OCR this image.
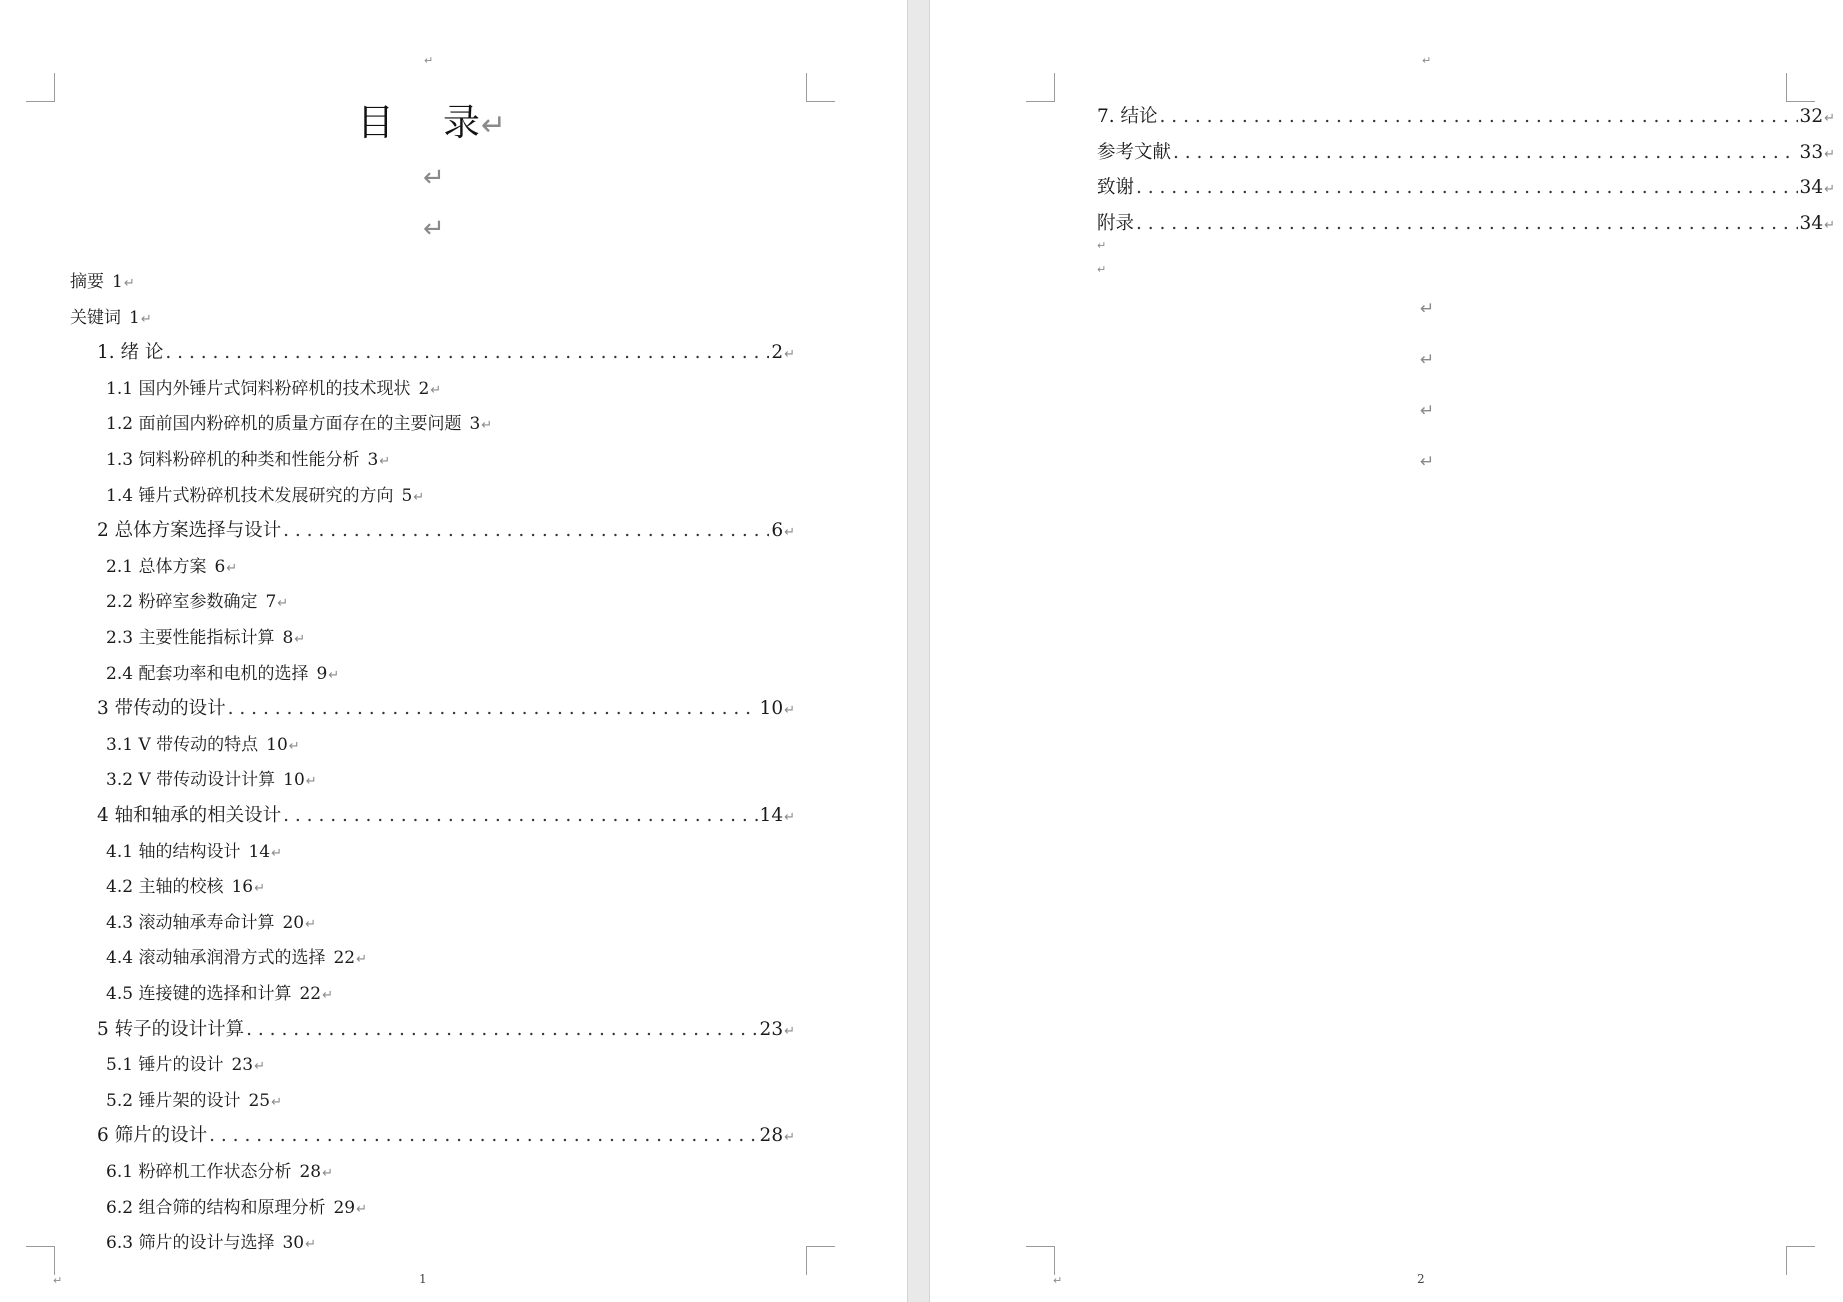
↵
目 录↵
↵
↵
摘要 1 ↵
关键词 1 ↵
1. 绪 论 . . .	2 ↵
1.1 国内外锤片式饲料粉碎机的技术现状 2 ↵
1.2 面前国内粉碎机的质量方面存在的主要问题 3 ↵
1.3 饲料粉碎机的种类和性能分析 3 ↵
1.4 锤片式粉碎机技术发展研究的方向 5 ↵
2 总体方案选择与设计 . . .	6 ↵
2.1 总体方案 6 ↵
2.2 粉碎室参数确定 7 ↵
2.3 主要性能指标计算 8 ↵
2.4 配套功率和电机的选择 9 ↵
3 带传动的设计 . . .	10 ↵
3.1 V 带传动的特点 10 ↵
3.2 V 带传动设计计算 10 ↵
4 轴和轴承的相关设计 . . .	14 ↵
4.1 轴的结构设计 14 ↵
4.2 主轴的校核 16 ↵
4.3 滚动轴承寿命计算 20 ↵
4.4 滚动轴承润滑方式的选择 22 ↵
4.5 连接键的选择和计算 22 ↵
5 转子的设计计算 . . .	23 ↵
5.1 锤片的设计 23 ↵
5.2 锤片架的设计 25 ↵
6 筛片的设计 . . .	28 ↵
6.1 粉碎机工作状态分析 28 ↵
6.2 组合筛的结构和原理分析 29 ↵
6.3 筛片的设计与选择 30 ↵
↵	1
↵
7. 结论 . . .	32 ↵
参考文献 . . .	33 ↵
致谢 . . .	34 ↵
附录 . . .	34 ↵
↵
↵
↵
↵
↵
↵
↵	2
